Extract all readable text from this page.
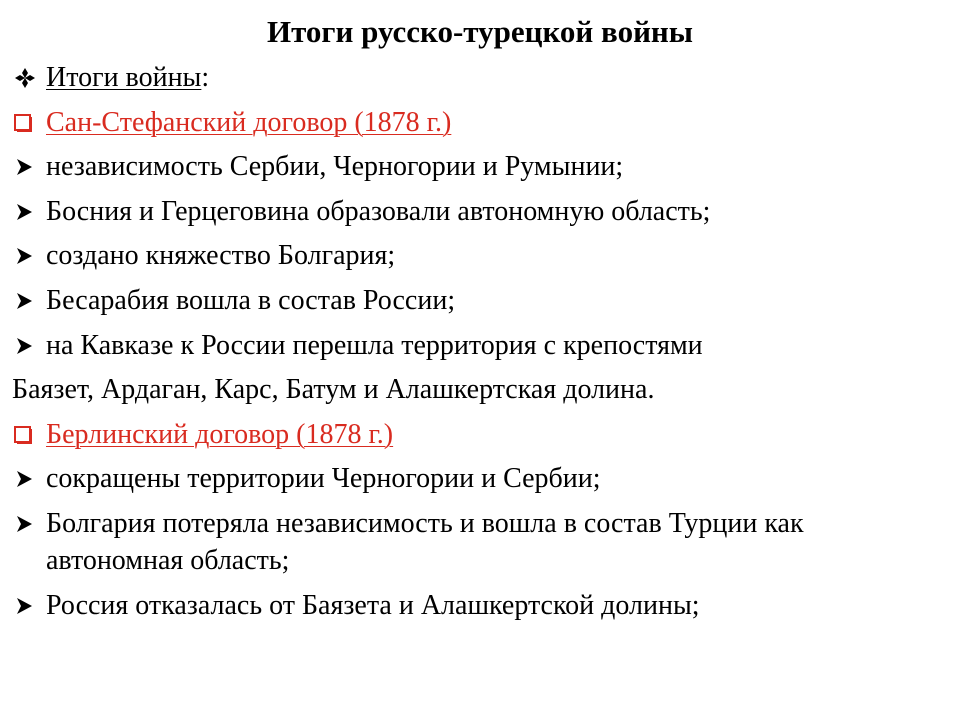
Итоги русско-турецкой войны
Итоги войны:
Сан-Стефанский договор (1878 г.)
независимость Сербии, Черногории и Румынии;
Босния и Герцеговина образовали автономную область;
создано княжество Болгария;
Бесарабия вошла в состав России;
на Кавказе к России перешла территория с крепостями
Баязет, Ардаган, Карс, Батум и Алашкертская долина.
Берлинский договор (1878 г.)
сокращены территории Черногории и Сербии;
Болгария потеряла независимость и вошла в состав Турции как
автономная область;
Россия отказалась от Баязета и Алашкертской долины;
